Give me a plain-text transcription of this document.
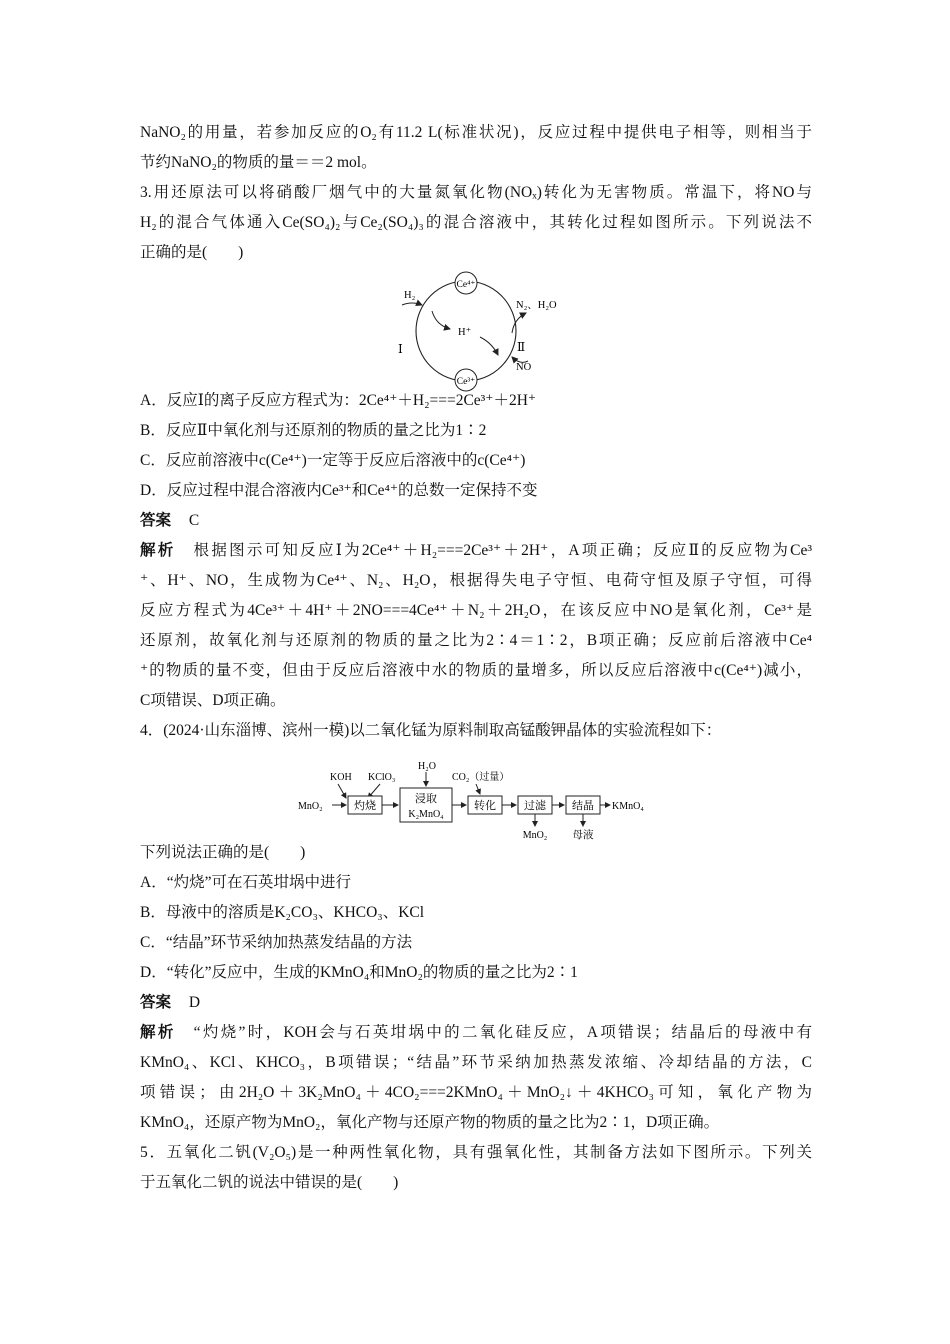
NaNO₂的用量，若参加反应的O₂有11.2 L(标准状况)，反应过程中提供电子相等，则相当于
节约NaNO₂的物质的量＝＝2 mol。
3.用还原法可以将硝酸厂烟气中的大量氮氧化物(NOₓ)转化为无害物质。常温下，将NO与
H₂的混合气体通入Ce(SO₄)₂与Ce₂(SO₄)₃的混合溶液中，其转化过程如图所示。下列说法不
正确的是(　　)
A．反应Ⅰ的离子反应方程式为：2Ce⁴⁺＋H₂===2Ce³⁺＋2H⁺
B．反应Ⅱ中氧化剂与还原剂的物质的量之比为1∶2
C．反应前溶液中c(Ce⁴⁺)一定等于反应后溶液中的c(Ce⁴⁺)
D．反应过程中混合溶液内Ce³⁺和Ce⁴⁺的总数一定保持不变
答案 C
解析 根据图示可知反应Ⅰ为2Ce⁴⁺＋H₂===2Ce³⁺＋2H⁺，A项正确；反应Ⅱ的反应物为Ce³
⁺、H⁺、NO，生成物为Ce⁴⁺、N₂、H₂O，根据得失电子守恒、电荷守恒及原子守恒，可得
反应方程式为4Ce³⁺＋4H⁺＋2NO===4Ce⁴⁺＋N₂＋2H₂O，在该反应中NO是氧化剂，Ce³⁺是
还原剂，故氧化剂与还原剂的物质的量之比为2∶4＝1∶2，B项正确；反应前后溶液中Ce⁴
⁺的物质的量不变，但由于反应后溶液中水的物质的量增多，所以反应后溶液中c(Ce⁴⁺)减小，
C项错误、D项正确。
4．(2024·山东淄博、滨州一模)以二氧化锰为原料制取高锰酸钾晶体的实验流程如下：
下列说法正确的是(　　)
A．“灼烧”可在石英坩埚中进行
B．母液中的溶质是K₂CO₃、KHCO₃、KCl
C．“结晶”环节采纳加热蒸发结晶的方法
D．“转化”反应中，生成的KMnO₄和MnO₂的物质的量之比为2∶1
答案 D
解析 “灼烧”时，KOH会与石英坩埚中的二氧化硅反应，A项错误；结晶后的母液中有
KMnO₄、KCl、KHCO₃，B项错误；“结晶”环节采纳加热蒸发浓缩、冷却结晶的方法，C
项错误；由2H₂O＋3K₂MnO₄＋4CO₂===2KMnO₄＋MnO₂↓＋4KHCO₃可知，氧化产物为
KMnO₄，还原产物为MnO₂，氧化产物与还原产物的物质的量之比为2∶1，D项正确。
5．五氧化二钒(V₂O₅)是一种两性氧化物，具有强氧化性，其制备方法如下图所示。下列关
于五氧化二钒的说法中错误的是(　　)
Ce⁴⁺
Ce³⁺
H₂
H⁺
Ⅰ	Ⅱ
N₂、H₂O
NO
KOH KClO₃
H₂O
CO₂（过量）
MnO₂	灼烧
浸取
K₂MnO₄
转化	过滤
MnO₂
结晶
母液
KMnO₄
